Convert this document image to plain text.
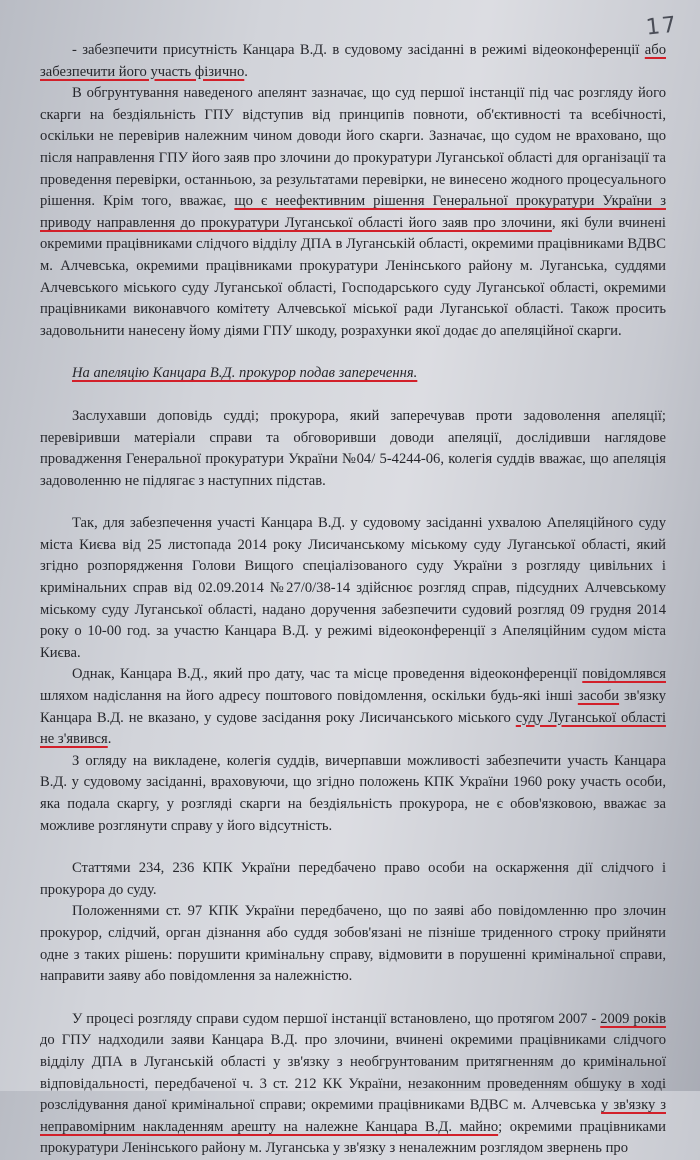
17

- забезпечити присутність Канцара В.Д. в судовому засіданні в режимі відеоконференції або забезпечити його участь фізично.

В обгрунтування наведеного апелянт зазначає, що суд першої інстанції під час розгляду його скарги на бездіяльність ГПУ відступив від принципів повноти, об'єктивності та всебічності, оскільки не перевірив належним чином доводи його скарги. Зазначає, що судом не враховано, що після направлення ГПУ його заяв про злочини до прокуратури Луганської області для організації та проведення перевірки, останньою, за результатами перевірки, не винесено жодного процесуального рішення. Крім того, вважає, що є неефективним рішення Генеральної прокуратури України з приводу направлення до прокуратури Луганської області його заяв про злочини, які були вчинені окремими працівниками слідчого відділу ДПА в Луганській області, окремими працівниками ВДВС м. Алчевська, окремими працівниками прокуратури Ленінського району м. Луганська, суддями Алчевського міського суду Луганської області, Господарського суду Луганської області, окремими працівниками виконавчого комітету Алчевської міської ради Луганської області. Також просить задовольнити нанесену йому діями ГПУ шкоду, розрахунки якої додає до апеляційної скарги.

На апеляцію Канцара В.Д. прокурор подав заперечення.

Заслухавши доповідь судді; прокурора, який заперечував проти задоволення апеляції; перевіривши матеріали справи та обговоривши доводи апеляції, дослідивши наглядове провадження Генеральної прокуратури України №04/ 5-4244-06, колегія суддів вважає, що апеляція задоволенню не підлягає з наступних підстав.

Так, для забезпечення участі Канцара В.Д. у судовому засіданні ухвалою Апеляційного суду міста Києва від 25 листопада 2014 року Лисичанському міському суду Луганської області, який згідно розпорядження Голови Вищого спеціалізованого суду України з розгляду цивільних і кримінальних справ від 02.09.2014 №27/0/38-14 здійснює розгляд справ, підсудних Алчевському міському суду Луганської області, надано доручення забезпечити судовий розгляд 09 грудня 2014 року о 10-00 год. за участю Канцара В.Д. у режимі відеоконференції з Апеляційним судом міста Києва.

Однак, Канцара В.Д., який про дату, час та місце проведення відеоконференції повідомлявся шляхом надіслання на його адресу поштового повідомлення, оскільки будь-які інші засоби зв'язку Канцара В.Д. не вказано, у судове засідання року Лисичанського міського суду Луганської області не з'явився.

З огляду на викладене, колегія суддів, вичерпавши можливості забезпечити участь Канцара В.Д. у судовому засіданні, враховуючи, що згідно положень КПК України 1960 року участь особи, яка подала скаргу, у розгляді скарги на бездіяльність прокурора, не є обов'язковою, вважає за можливе розглянути справу у його відсутність.

Статтями 234, 236 КПК України передбачено право особи на оскарження дії слідчого і прокурора до суду.

Положеннями ст. 97 КПК України передбачено, що по заяві або повідомленню про злочин прокурор, слідчий, орган дізнання або суддя зобов'язані не пізніше триденного строку прийняти одне з таких рішень: порушити кримінальну справу, відмовити в порушенні кримінальної справи, направити заяву або повідомлення за належністю.

У процесі розгляду справи судом першої інстанції встановлено, що протягом 2007 - 2009 років до ГПУ надходили заяви Канцарa В.Д. про злочини, вчинені окремими працівниками слідчого відділу ДПА в Луганській області у зв'язку з необгрунтованим притягненням до кримінальної відповідальності, передбаченої ч. 3 ст. 212 КК України, незаконним проведенням обшуку в ході розслідування даної кримінальної справи; окремими працівниками ВДВС м. Алчевська у зв'язку з неправомірним накладенням арешту на належне Канцара В.Д. майно; окремими працівниками прокуратури Ленінського району м. Луганська у зв'язку з неналежним розглядом звернень про
